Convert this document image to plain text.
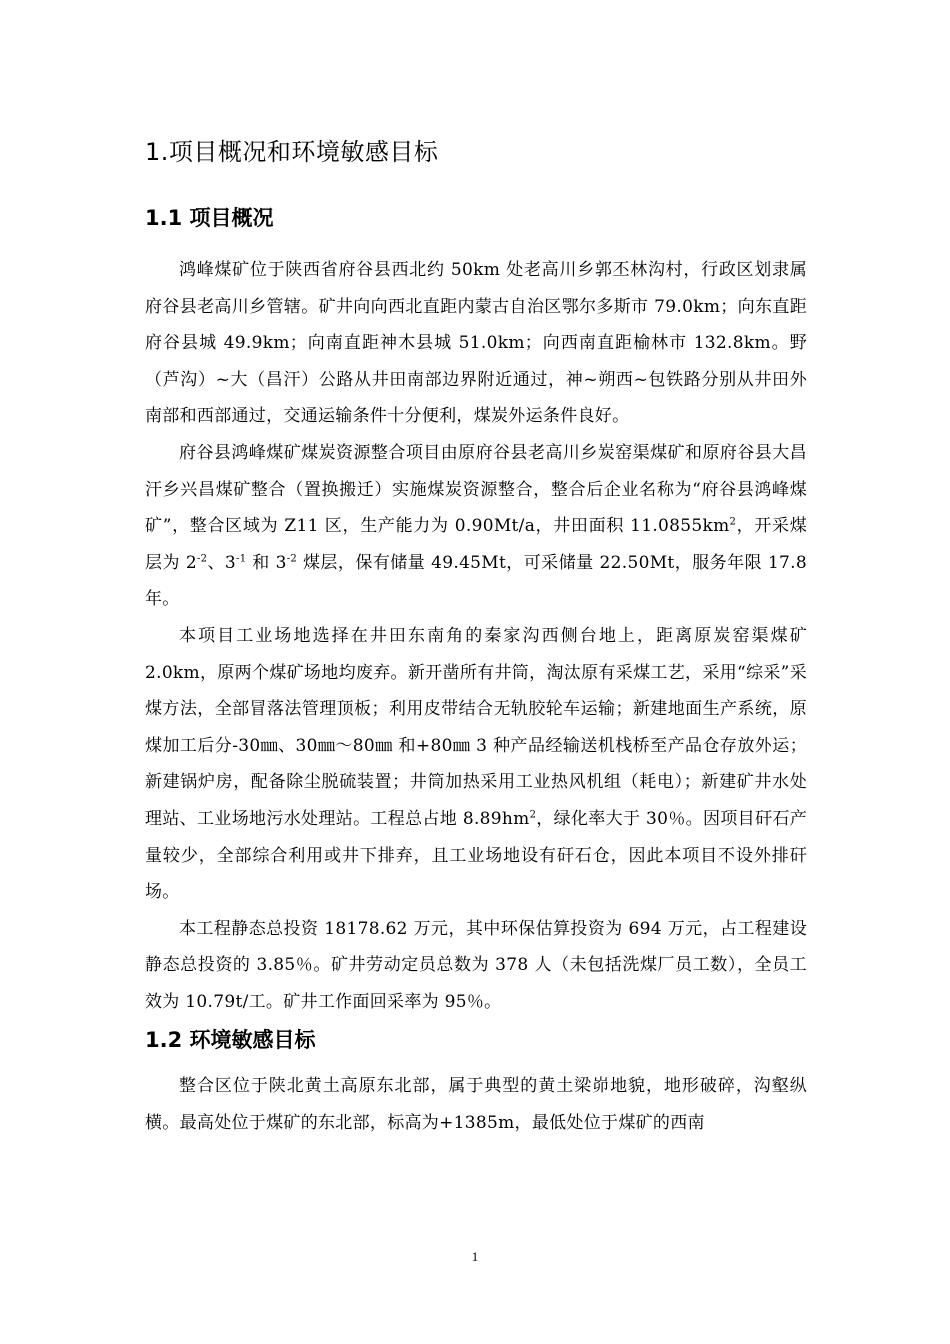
1.项目概况和环境敏感目标
1.1 项目概况

鸿峰煤矿位于陕西省府谷县西北约 50km 处老高川乡郭丕林沟村，行政区划隶属府谷县老高川乡管辖。矿井向向西北直距内蒙古自治区鄂尔多斯市 79.0km；向东直距府谷县城 49.9km；向南直距神木县城 51.0km；向西南直距榆林市 132.8km。野（芦沟）~大（昌汗）公路从井田南部边界附近通过，神~朔西~包铁路分别从井田外南部和西部通过，交通运输条件十分便利，煤炭外运条件良好。

府谷县鸿峰煤矿煤炭资源整合项目由原府谷县老高川乡炭窑渠煤矿和原府谷县大昌汗乡兴昌煤矿整合（置换搬迁）实施煤炭资源整合，整合后企业名称为“府谷县鸿峰煤矿”，整合区域为 Z11 区，生产能力为 0.90Mt/a，井田面积 $11.0855km^2$，开采煤层为 $2^{-2}$、$3^{-1}$ 和 $3^{-2}$ 煤层，保有储量 49.45Mt，可采储量 22.50Mt，服务年限 17.8 年。

本项目工业场地选择在井田东南角的秦家沟西侧台地上，距离原炭窑渠煤矿 2.0km，原两个煤矿场地均废弃。新开凿所有井筒，淘汰原有采煤工艺，采用“综采”采煤方法，全部冒落法管理顶板；利用皮带结合无轨胶轮车运输；新建地面生产系统，原煤加工后分-30㎜、30㎜～80㎜ 和+80㎜ 3 种产品经输送机栈桥至产品仓存放外运；新建锅炉房，配备除尘脱硫装置；井筒加热采用工业热风机组（耗电）；新建矿井水处理站、工业场地污水处理站。工程总占地 $8.89hm^2$，绿化率大于 30％。因项目矸石产量较少，全部综合利用或井下排弃，且工业场地设有矸石仓，因此本项目不设外排矸场。

本工程静态总投资 18178.62 万元，其中环保估算投资为 694 万元，占工程建设静态总投资的 3.85％。矿井劳动定员总数为 378 人（未包括洗煤厂员工数），全员工效为 10.79t/工。矿井工作面回采率为 95％。

1.2 环境敏感目标

整合区位于陕北黄土高原东北部，属于典型的黄土梁峁地貌，地形破碎，沟壑纵横。最高处位于煤矿的东北部，标高为+1385m，最低处位于煤矿的西南

1
